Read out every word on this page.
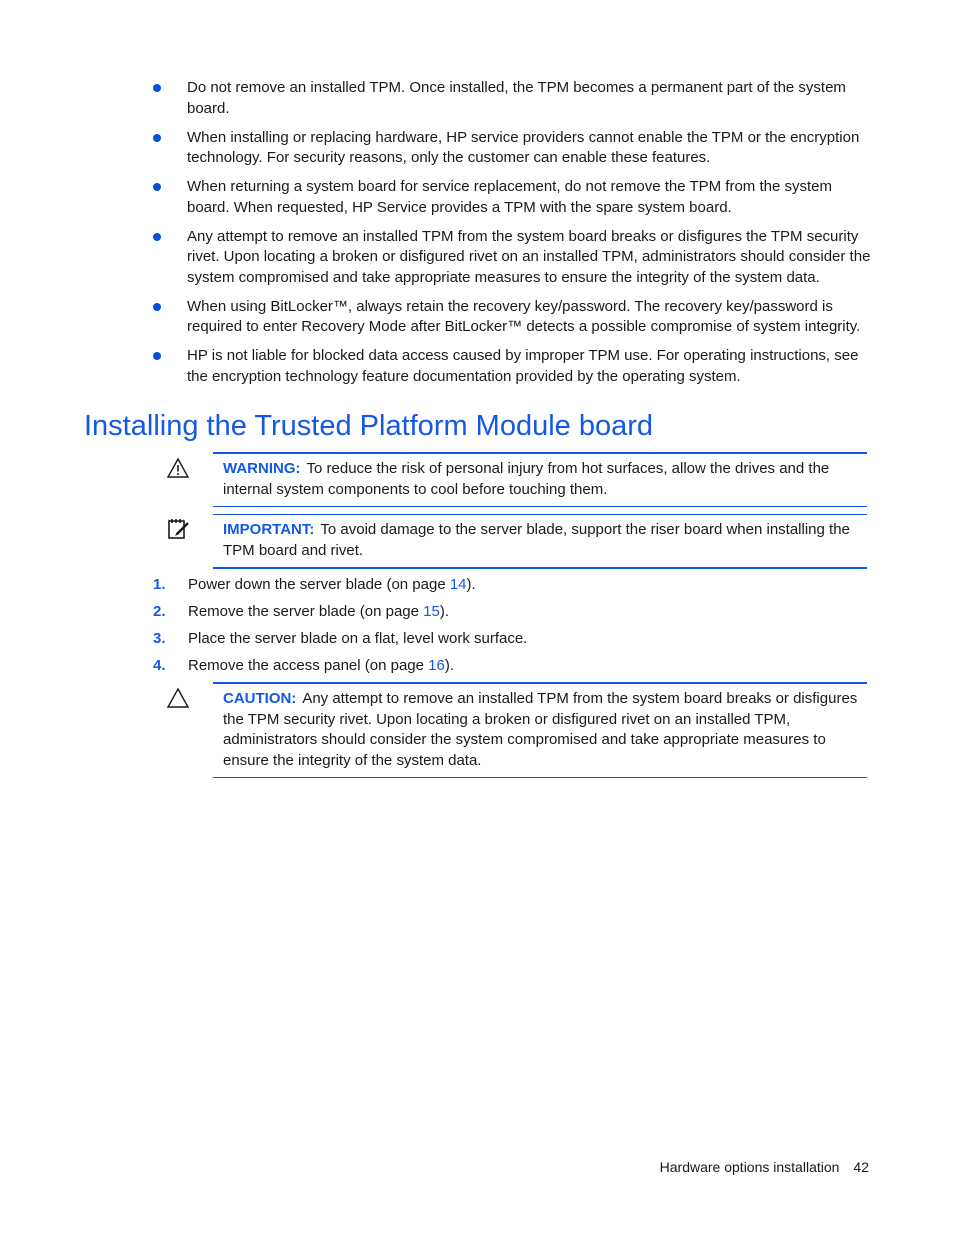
Do not remove an installed TPM. Once installed, the TPM becomes a permanent part of the system board.
When installing or replacing hardware, HP service providers cannot enable the TPM or the encryption technology. For security reasons, only the customer can enable these features.
When returning a system board for service replacement, do not remove the TPM from the system board. When requested, HP Service provides a TPM with the spare system board.
Any attempt to remove an installed TPM from the system board breaks or disfigures the TPM security rivet. Upon locating a broken or disfigured rivet on an installed TPM, administrators should consider the system compromised and take appropriate measures to ensure the integrity of the system data.
When using BitLocker™, always retain the recovery key/password. The recovery key/password is required to enter Recovery Mode after BitLocker™ detects a possible compromise of system integrity.
HP is not liable for blocked data access caused by improper TPM use. For operating instructions, see the encryption technology feature documentation provided by the operating system.
Installing the Trusted Platform Module board
WARNING: To reduce the risk of personal injury from hot surfaces, allow the drives and the internal system components to cool before touching them.
IMPORTANT: To avoid damage to the server blade, support the riser board when installing the TPM board and rivet.
1. Power down the server blade (on page 14).
2. Remove the server blade (on page 15).
3. Place the server blade on a flat, level work surface.
4. Remove the access panel (on page 16).
CAUTION: Any attempt to remove an installed TPM from the system board breaks or disfigures the TPM security rivet. Upon locating a broken or disfigured rivet on an installed TPM, administrators should consider the system compromised and take appropriate measures to ensure the integrity of the system data.
Hardware options installation 42
